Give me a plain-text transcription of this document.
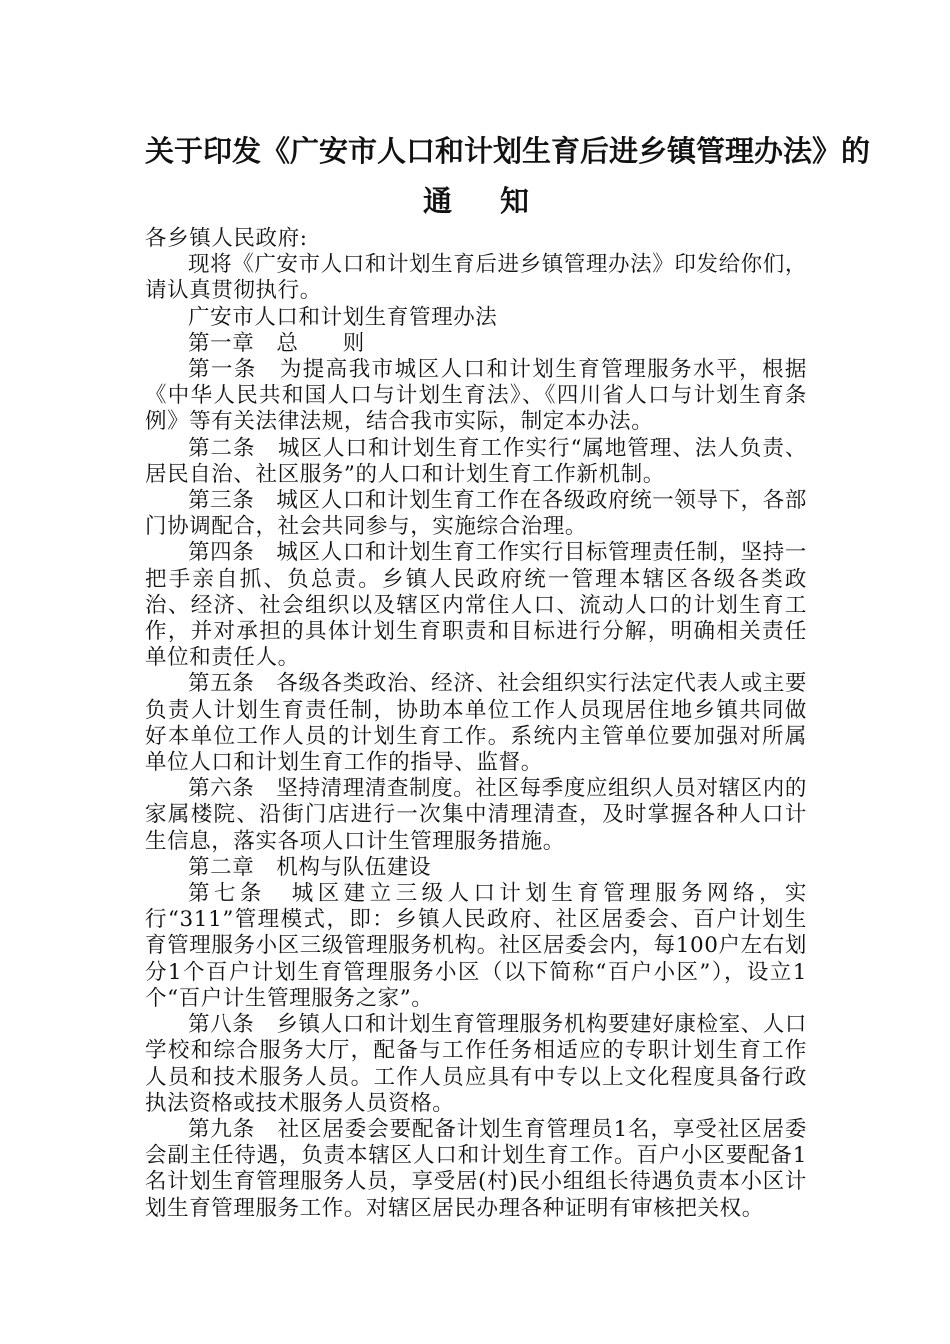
关于印发《广安市人口和计划生育后进乡镇管理办法》的
通知

各乡镇人民政府:

现将《广安市人口和计划生育后进乡镇管理办法》印发给你们，请认真贯彻执行。

广安市人口和计划生育管理办法

第一章　总　　则

第一条　为提高我市城区人口和计划生育管理服务水平，根据《中华人民共和国人口与计划生育法》、《四川省人口与计划生育条例》等有关法律法规，结合我市实际，制定本办法。

第二条　城区人口和计划生育工作实行“属地管理、法人负责、居民自治、社区服务”的人口和计划生育工作新机制。

第三条　城区人口和计划生育工作在各级政府统一领导下，各部门协调配合，社会共同参与，实施综合治理。

第四条　城区人口和计划生育工作实行目标管理责任制，坚持一把手亲自抓、负总责。乡镇人民政府统一管理本辖区各级各类政治、经济、社会组织以及辖区内常住人口、流动人口的计划生育工作，并对承担的具体计划生育职责和目标进行分解，明确相关责任单位和责任人。

第五条　各级各类政治、经济、社会组织实行法定代表人或主要负责人计划生育责任制，协助本单位工作人员现居住地乡镇共同做好本单位工作人员的计划生育工作。系统内主管单位要加强对所属单位人口和计划生育工作的指导、监督。

第六条　坚持清理清查制度。社区每季度应组织人员对辖区内的家属楼院、沿街门店进行一次集中清理清查，及时掌握各种人口计生信息，落实各项人口计生管理服务措施。

第二章　机构与队伍建设

第七条　城区建立三级人口计划生育管理服务网络，实行“311”管理模式，即：乡镇人民政府、社区居委会、百户计划生育管理服务小区三级管理服务机构。社区居委会内，每100户左右划分1个百户计划生育管理服务小区（以下简称“百户小区”），设立1个“百户计生管理服务之家”。

第八条　乡镇人口和计划生育管理服务机构要建好康检室、人口学校和综合服务大厅，配备与工作任务相适应的专职计划生育工作人员和技术服务人员。工作人员应具有中专以上文化程度具备行政执法资格或技术服务人员资格。

第九条　社区居委会要配备计划生育管理员1名，享受社区居委会副主任待遇，负责本辖区人口和计划生育工作。百户小区要配备1名计划生育管理服务人员，享受居(村)民小组组长待遇负责本小区计划生育管理服务工作。对辖区居民办理各种证明有审核把关权。
